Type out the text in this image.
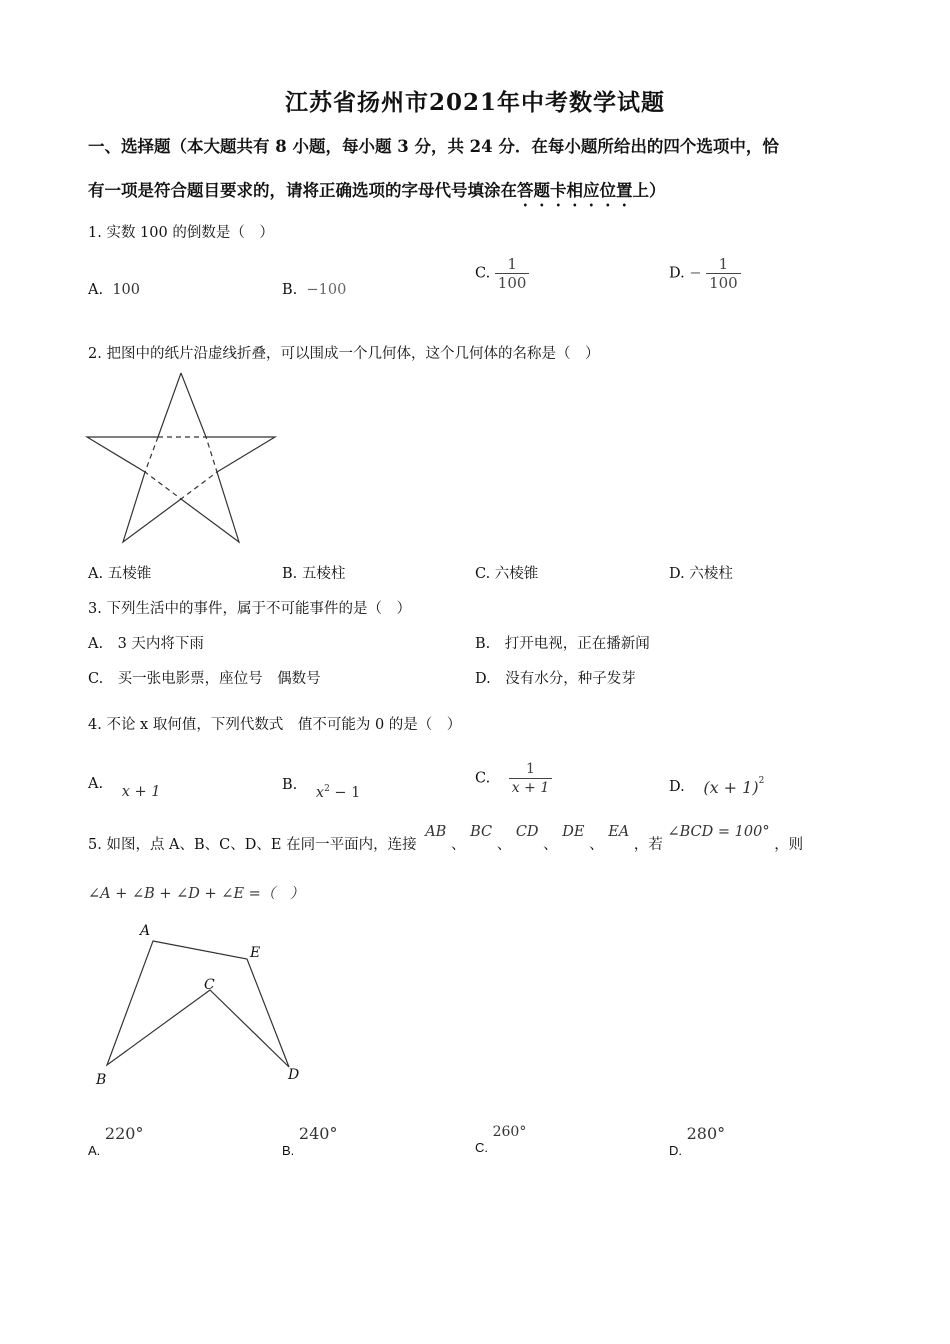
江苏省扬州市2021年中考数学试题
一、选择题（本大题共有 8 小题，每小题 3 分，共 24 分．在每小题所给出的四个选项中，恰
有一项是符合题目要求的，请将正确选项的字母代号填涂在答题卡相应位置上）
1. 实数 100 的倒数是（　）
A. 100	B. −100
C. $\frac{1}{100}$	D. − $\frac{1}{100}$
2. 把图中的纸片沿虚线折叠，可以围成一个几何体，这个几何体的名称是（　）
A. 五棱锥	B. 五棱柱	C. 六棱锥	D. 六棱柱
3. 下列生活中的事件，属于不可能事件的是（　）
A.　3 天内将下雨	B.　打开电视，正在播新闻
C.　买一张电影票，座位号　偶数号	D.　没有水分，种子发芽
4. 不论 x 取何值，下列代数式　值不可能为 0 的是（　）
A. x + 1	B. $x^2 - 1$
C. $\frac{1}{x + 1}$	D. $(x + 1)^2$
5. 如图，点 A、B、C、D、E 在同一平面内，连接 AB 、 BC 、 CD 、 DE 、 EA ，若 ∠BCD = 100° ，则
∠A + ∠B + ∠D + ∠E =（　）
A
E
C
B	D
A. 220°
B. 240°
C. 260°
D. 280°
